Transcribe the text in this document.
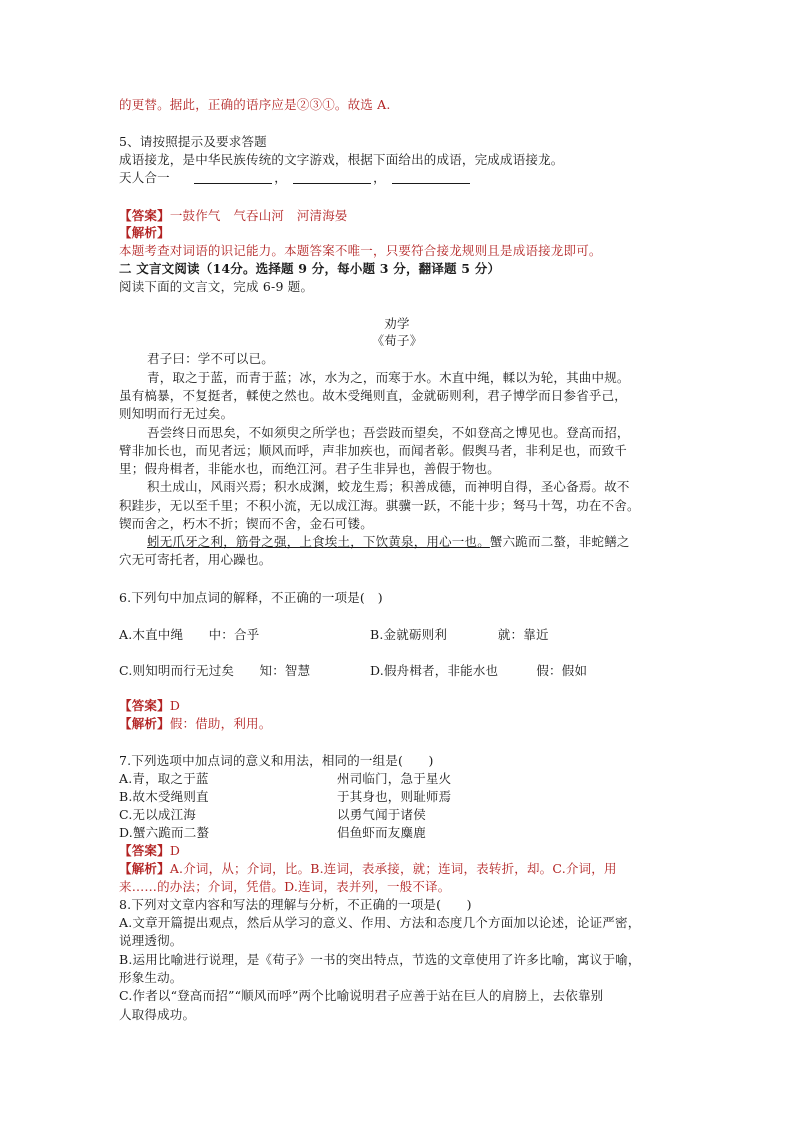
的更替。据此，正确的语序应是②③①。故选 A.
5、请按照提示及要求答题
成语接龙，是中华民族传统的文字游戏，根据下面给出的成语，完成成语接龙。
天人合一	，	，
【答案】一鼓作气　气吞山河　河清海晏
【解析】
本题考查对词语的识记能力。本题答案不唯一，只要符合接龙规则且是成语接龙即可。
二 文言文阅读（14分。选择题 9 分，每小题 3 分，翻译题 5 分）
阅读下面的文言文，完成 6-9 题。
劝学
《荀子》
君子曰：学不可以已。
青，取之于蓝，而青于蓝；冰，水为之，而寒于水。木直中绳，輮以为轮，其曲中规。
虽有槁暴，不复挺者，輮使之然也。故木受绳则直，金就砺则利，君子博学而日参省乎己，
则知明而行无过矣。
吾尝终日而思矣，不如须臾之所学也；吾尝跂而望矣，不如登高之博见也。登高而招，
臂非加长也，而见者远；顺风而呼，声非加疾也，而闻者彰。假舆马者，非利足也，而致千
里；假舟楫者，非能水也，而绝江河。君子生非异也，善假于物也。
积土成山，风雨兴焉；积水成渊，蛟龙生焉；积善成德，而神明自得，圣心备焉。故不
积跬步，无以至千里；不积小流，无以成江海。骐骥一跃，不能十步；驽马十驾，功在不舍。
锲而舍之，朽木不折；锲而不舍，金石可镂。
蚓无爪牙之利，筋骨之强，上食埃土，下饮黄泉，用心一也。蟹六跪而二螯，非蛇鳝之
穴无可寄托者，用心躁也。
6.下列句中加点词的解释，不正确的一项是(　)
A.木直中绳　　中：合乎	B.金就砺则利　　　　就：靠近
C.则知明而行无过矣　　知：智慧	D.假舟楫者，非能水也　　　假：假如
【答案】D
【解析】假：借助，利用。
7.下列选项中加点词的意义和用法，相同的一组是(　　)
A.青，取之于蓝	州司临门，急于星火
B.故木受绳则直	于其身也，则耻师焉
C.无以成江海	以勇气闻于诸侯
D.蟹六跪而二螯	侣鱼虾而友麋鹿
【答案】D
【解析】A.介词，从；介词，比。B.连词，表承接，就；连词，表转折，却。C.介词，用
来……的办法；介词，凭借。D.连词，表并列，一般不译。
8.下列对文章内容和写法的理解与分析，不正确的一项是(　　)
A.文章开篇提出观点，然后从学习的意义、作用、方法和态度几个方面加以论述，论证严密，
说理透彻。
B.运用比喻进行说理，是《荀子》一书的突出特点，节选的文章使用了许多比喻，寓议于喻，
形象生动。
C.作者以“登高而招”“顺风而呼”两个比喻说明君子应善于站在巨人的肩膀上，去依靠别
人取得成功。
